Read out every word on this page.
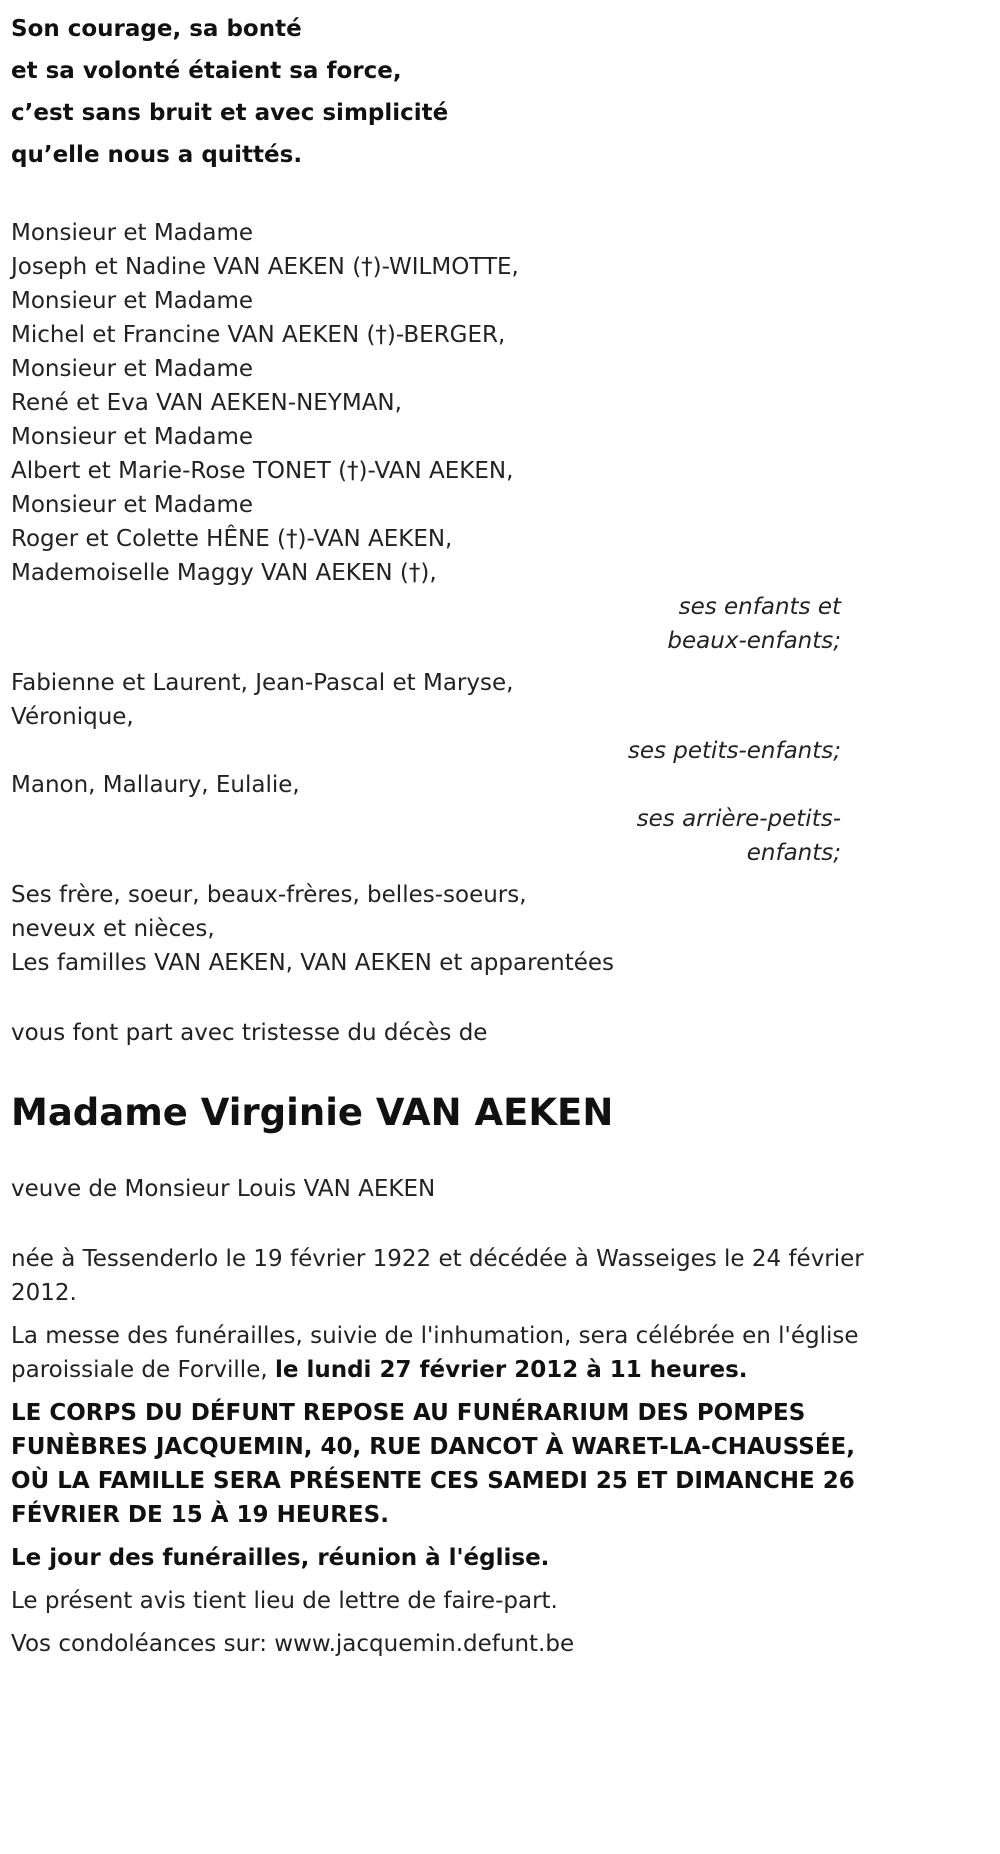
Son courage, sa bonté

et sa volonté étaient sa force,

c’est sans bruit et avec simplicité

qu’elle nous a quittés.

Monsieur et Madame
Joseph et Nadine VAN AEKEN (†)-WILMOTTE,
Monsieur et Madame
Michel et Francine VAN AEKEN (†)-BERGER,
Monsieur et Madame
René et Eva VAN AEKEN-NEYMAN,
Monsieur et Madame
Albert et Marie-Rose TONET (†)-VAN AEKEN,
Monsieur et Madame
Roger et Colette HÊNE (†)-VAN AEKEN,
Mademoiselle Maggy VAN AEKEN (†),
ses enfants et
beaux-enfants;
Fabienne et Laurent, Jean-Pascal et Maryse,
Véronique,
ses petits-enfants;
Manon, Mallaury, Eulalie,
ses arrière-petits-
enfants;
Ses frère, soeur, beaux-frères, belles-soeurs,
neveux et nièces,
Les familles VAN AEKEN, VAN AEKEN et apparentées
vous font part avec tristesse du décès de
Madame Virginie VAN AEKEN
veuve de Monsieur Louis VAN AEKEN

née à Tessenderlo le 19 février 1922 et décédée à Wasseiges le 24 février 2012.

La messe des funérailles, suivie de l'inhumation, sera célébrée en l'église paroissiale de Forville, le lundi 27 février 2012 à 11 heures.

LE CORPS DU DÉFUNT REPOSE AU FUNÉRARIUM DES POMPES FUNÈBRES JACQUEMIN, 40, RUE DANCOT À WARET-LA-CHAUSSÉE, OÙ LA FAMILLE SERA PRÉSENTE CES SAMEDI 25 ET DIMANCHE 26 FÉVRIER DE 15 À 19 HEURES.

Le jour des funérailles, réunion à l'église.

Le présent avis tient lieu de lettre de faire-part.

Vos condoléances sur: www.jacquemin.defunt.be
